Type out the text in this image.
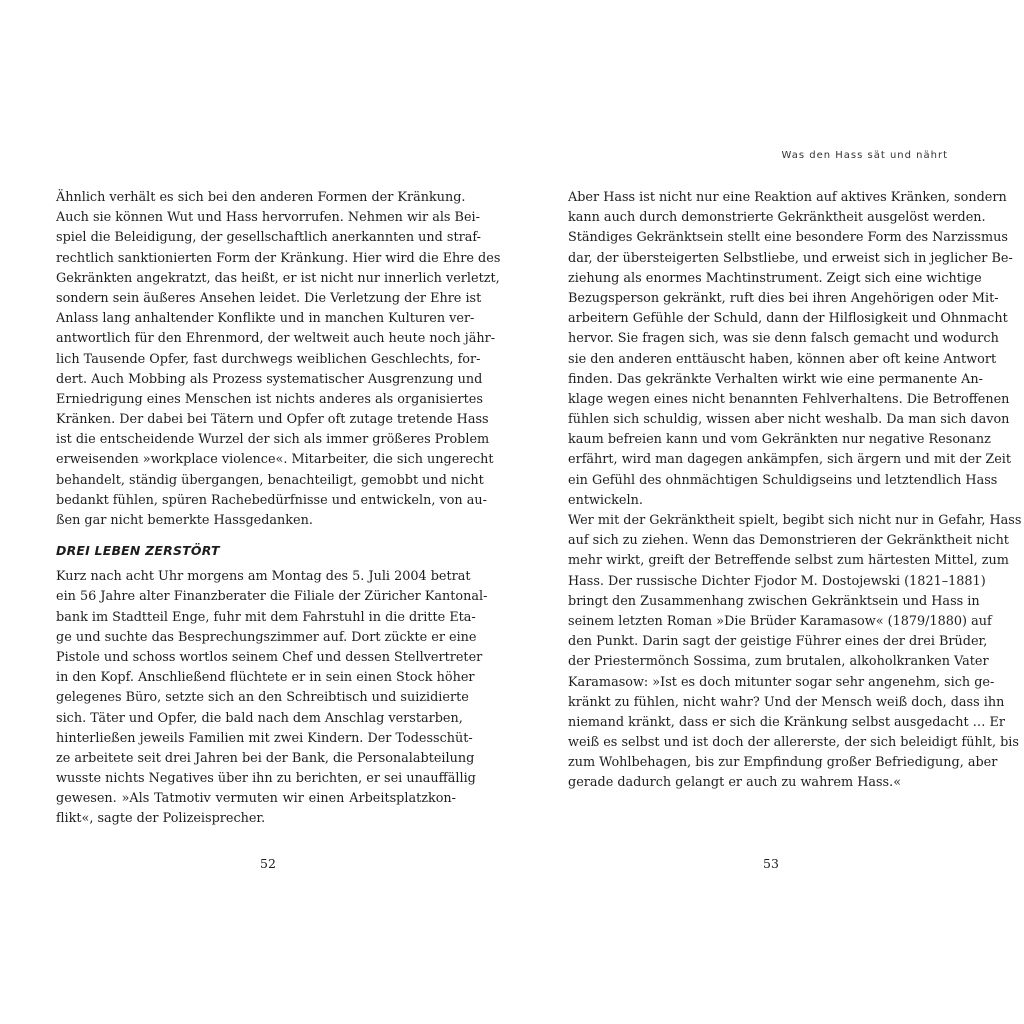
Ähnlich verhält es sich bei den anderen Formen der Kränkung.
Auch sie können Wut und Hass hervorrufen. Nehmen wir als Bei-
spiel die Beleidigung, der gesellschaftlich anerkannten und straf-
rechtlich sanktionierten Form der Kränkung. Hier wird die Ehre des
Gekränkten angekratzt, das heißt, er ist nicht nur innerlich verletzt,
sondern sein äußeres Ansehen leidet. Die Verletzung der Ehre ist
Anlass lang anhaltender Konflikte und in manchen Kulturen ver-
antwortlich für den Ehrenmord, der weltweit auch heute noch jähr-
lich Tausende Opfer, fast durchwegs weiblichen Geschlechts, for-
dert. Auch Mobbing als Prozess systematischer Ausgrenzung und
Erniedrigung eines Menschen ist nichts anderes als organisiertes
Kränken. Der dabei bei Tätern und Opfer oft zutage tretende Hass
ist die entscheidende Wurzel der sich als immer größeres Problem
erweisenden »workplace violence«. Mitarbeiter, die sich ungerecht
behandelt, ständig übergangen, benachteiligt, gemobbt und nicht
bedankt fühlen, spüren Rachebedürfnisse und entwickeln, von au-
ßen gar nicht bemerkte Hassgedanken.
DREI LEBEN ZERSTÖRT
Kurz nach acht Uhr morgens am Montag des 5. Juli 2004 betrat
ein 56 Jahre alter Finanzberater die Filiale der Züricher Kantonal-
bank im Stadtteil Enge, fuhr mit dem Fahrstuhl in die dritte Eta-
ge und suchte das Besprechungszimmer auf. Dort zückte er eine
Pistole und schoss wortlos seinem Chef und dessen Stellvertreter
in den Kopf. Anschließend flüchtete er in sein einen Stock höher
gelegenes Büro, setzte sich an den Schreibtisch und suizidierte
sich. Täter und Opfer, die bald nach dem Anschlag verstarben,
hinterließen jeweils Familien mit zwei Kindern. Der Todesschüt-
ze arbeitete seit drei Jahren bei der Bank, die Personalabteilung
wusste nichts Negatives über ihn zu berichten, er sei unauffällig
gewesen. »Als Tatmotiv vermuten wir einen Arbeitsplatzkon-
flikt«, sagte der Polizeisprecher.
52
Was den Hass sät und nährt
Aber Hass ist nicht nur eine Reaktion auf aktives Kränken, sondern
kann auch durch demonstrierte Gekränktheit ausgelöst werden.
Ständiges Gekränktsein stellt eine besondere Form des Narzissmus
dar, der übersteigerten Selbstliebe, und erweist sich in jeglicher Be-
ziehung als enormes Machtinstrument. Zeigt sich eine wichtige
Bezugsperson gekränkt, ruft dies bei ihren Angehörigen oder Mit-
arbeitern Gefühle der Schuld, dann der Hilflosigkeit und Ohnmacht
hervor. Sie fragen sich, was sie denn falsch gemacht und wodurch
sie den anderen enttäuscht haben, können aber oft keine Antwort
finden. Das gekränkte Verhalten wirkt wie eine permanente An-
klage wegen eines nicht benannten Fehlverhaltens. Die Betroffenen
fühlen sich schuldig, wissen aber nicht weshalb. Da man sich davon
kaum befreien kann und vom Gekränkten nur negative Resonanz
erfährt, wird man dagegen ankämpfen, sich ärgern und mit der Zeit
ein Gefühl des ohnmächtigen Schuldigseins und letztendlich Hass
entwickeln.
Wer mit der Gekränktheit spielt, begibt sich nicht nur in Gefahr, Hass
auf sich zu ziehen. Wenn das Demonstrieren der Gekränktheit nicht
mehr wirkt, greift der Betreffende selbst zum härtesten Mittel, zum
Hass. Der russische Dichter Fjodor M. Dostojewski (1821–1881)
bringt den Zusammenhang zwischen Gekränktsein und Hass in
seinem letzten Roman »Die Brüder Karamasow« (1879/1880) auf
den Punkt. Darin sagt der geistige Führer eines der drei Brüder,
der Priestermönch Sossima, zum brutalen, alkoholkranken Vater
Karamasow: »Ist es doch mitunter sogar sehr angenehm, sich ge-
kränkt zu fühlen, nicht wahr? Und der Mensch weiß doch, dass ihn
niemand kränkt, dass er sich die Kränkung selbst ausgedacht … Er
weiß es selbst und ist doch der allererste, der sich beleidigt fühlt, bis
zum Wohlbehagen, bis zur Empfindung großer Befriedigung, aber
gerade dadurch gelangt er auch zu wahrem Hass.«
53
